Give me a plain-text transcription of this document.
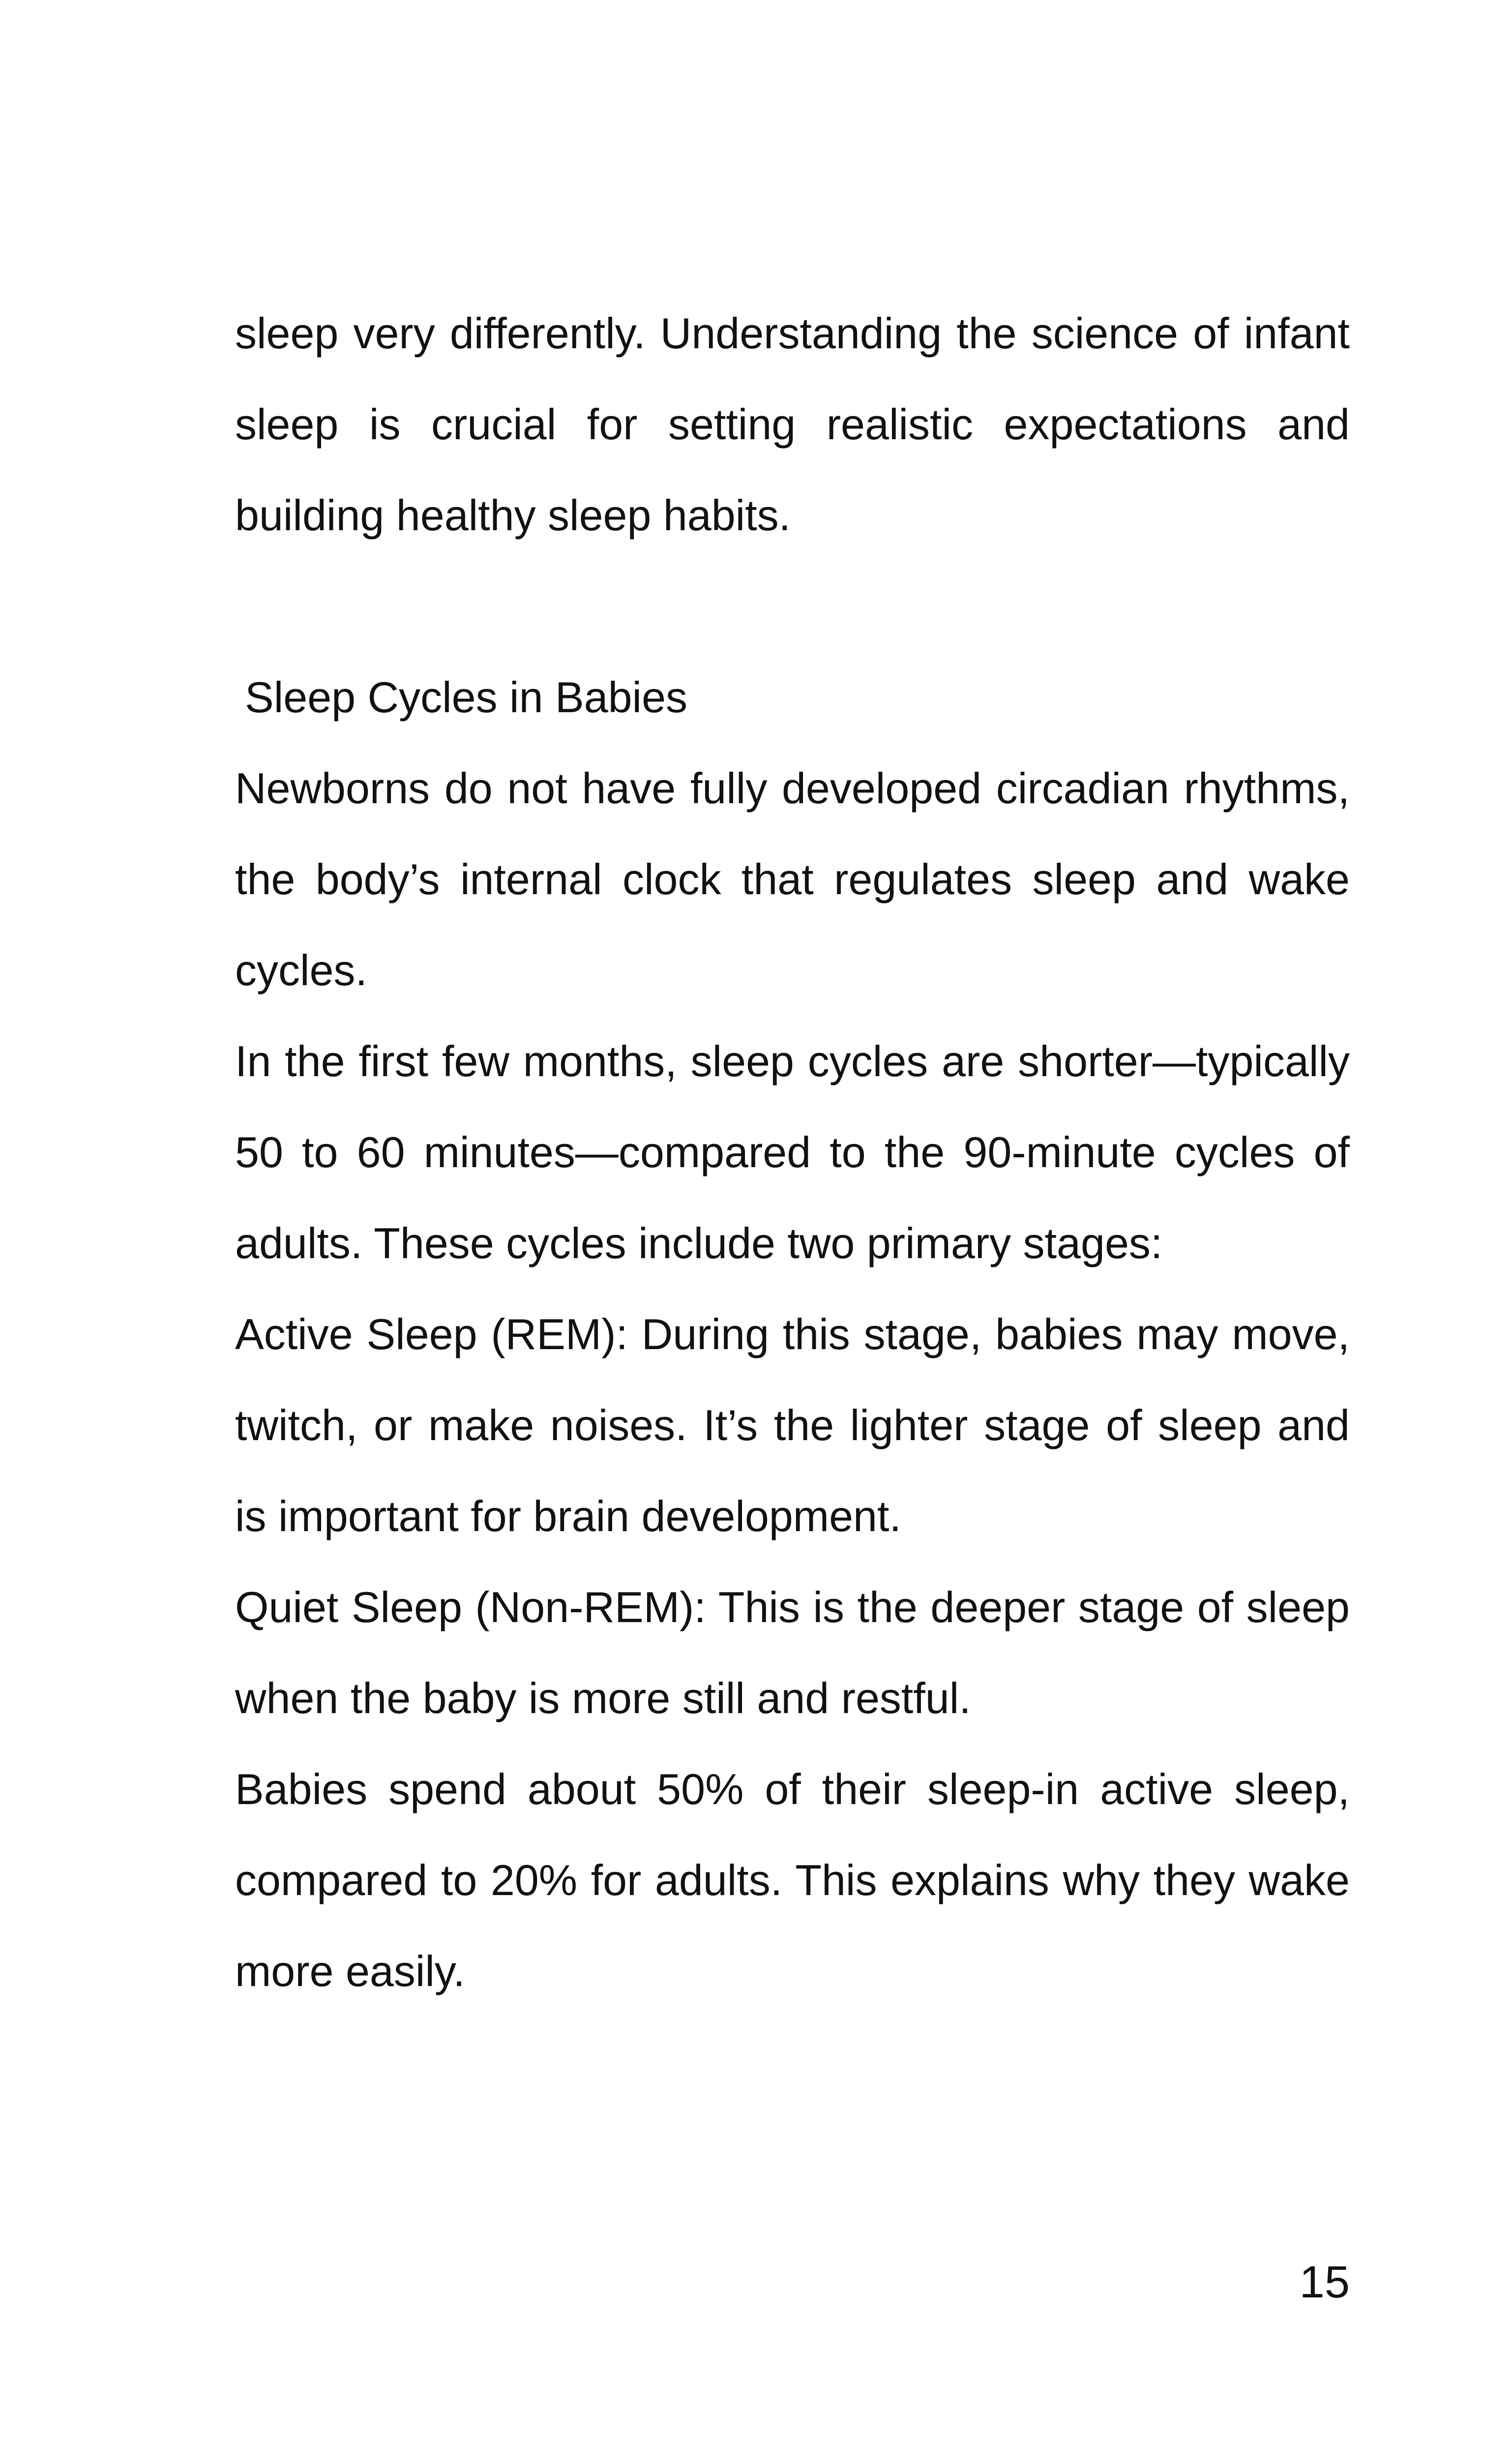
sleep very differently. Understanding the science of infant sleep is crucial for setting realistic expectations and building healthy sleep habits.

Sleep Cycles in Babies

Newborns do not have fully developed circadian rhythms, the body’s internal clock that regulates sleep and wake cycles.

In the first few months, sleep cycles are shorter—typically 50 to 60 minutes—compared to the 90-minute cycles of adults. These cycles include two primary stages:

Active Sleep (REM): During this stage, babies may move, twitch, or make noises. It’s the lighter stage of sleep and is important for brain development.

Quiet Sleep (Non-REM): This is the deeper stage of sleep when the baby is more still and restful.

Babies spend about 50% of their sleep-in active sleep, compared to 20% for adults. This explains why they wake more easily.

15
